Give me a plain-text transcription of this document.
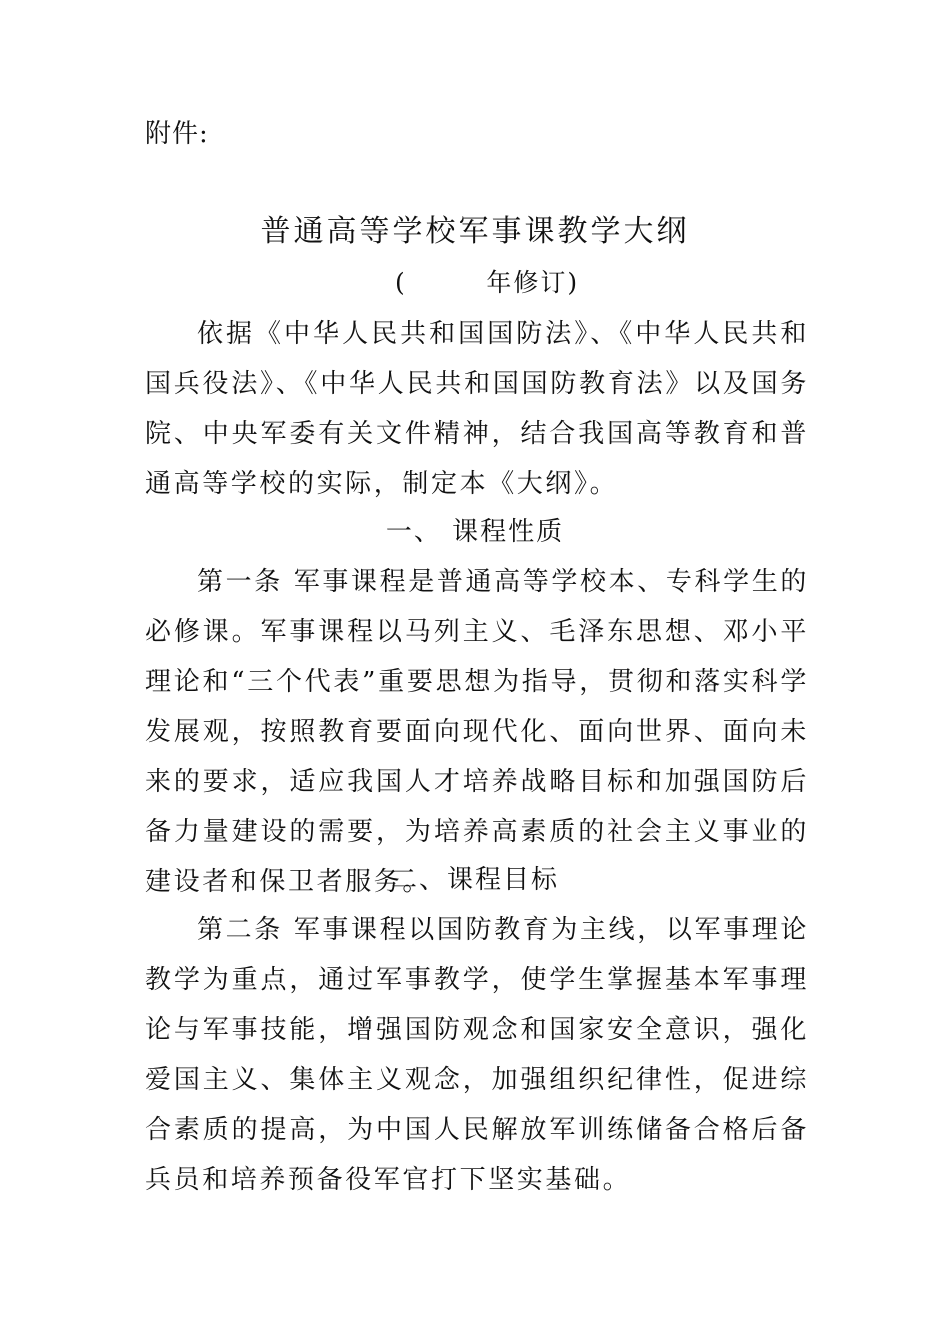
附件:
普通高等学校军事课教学大纲
(        年修订)

依据《中华人民共和国国防法》、《中华人民共和国兵役法》、《中华人民共和国国防教育法》以及国务院、中央军委有关文件精神，结合我国高等教育和普通高等学校的实际，制定本《大纲》。

一、 课程性质

第一条 军事课程是普通高等学校本、专科学生的必修课。军事课程以马列主义、毛泽东思想、邓小平理论和“三个代表”重要思想为指导，贯彻和落实科学发展观，按照教育要面向现代化、面向世界、面向未来的要求，适应我国人才培养战略目标和加强国防后备力量建设的需要，为培养高素质的社会主义事业的建设者和保卫者服务。

二、课程目标

第二条 军事课程以国防教育为主线，以军事理论教学为重点，通过军事教学，使学生掌握基本军事理论与军事技能，增强国防观念和国家安全意识，强化爱国主义、集体主义观念，加强组织纪律性，促进综合素质的提高，为中国人民解放军训练储备合格后备兵员和培养预备役军官打下坚实基础。
